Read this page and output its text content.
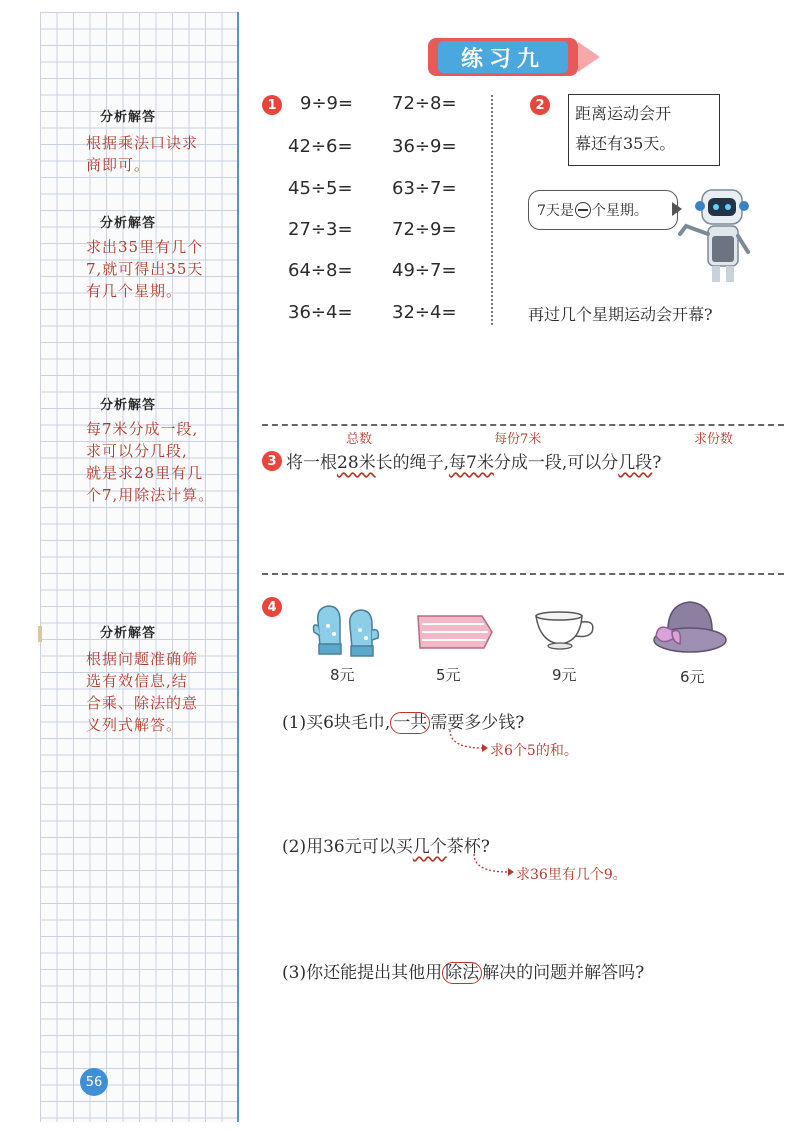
分析解答
根据乘法口诀求
商即可。
分析解答
求出35里有几个
7,就可得出35天
有几个星期。
分析解答
每7米分成一段,
求可以分几段,
就是求28里有几
个7,用除法计算。
分析解答
根据问题准确筛
选有效信息,结
合乘、除法的意
义列式解答。
56
练习九
1	9÷9= 72÷8=
42÷6= 36÷9=
45÷5= 63÷7=
27÷3= 72÷9=
64÷8= 49÷7=
36÷4= 32÷4=
2	距离运动会开
幕还有35天。
7天是 个星期。
再过几个星期运动会开幕?
总数	每份7米	求份数
3 将一根28米长的绳子,每7米分成一段,可以分几段?
4
8元	5元	9元	6元
(1)买6块毛巾, 一共 需要多少钱?
求6个5的和。
(2)用36元可以买几个茶杯?
求36里有几个9。
(3)你还能提出其他用 除法 解决的问题并解答吗?
